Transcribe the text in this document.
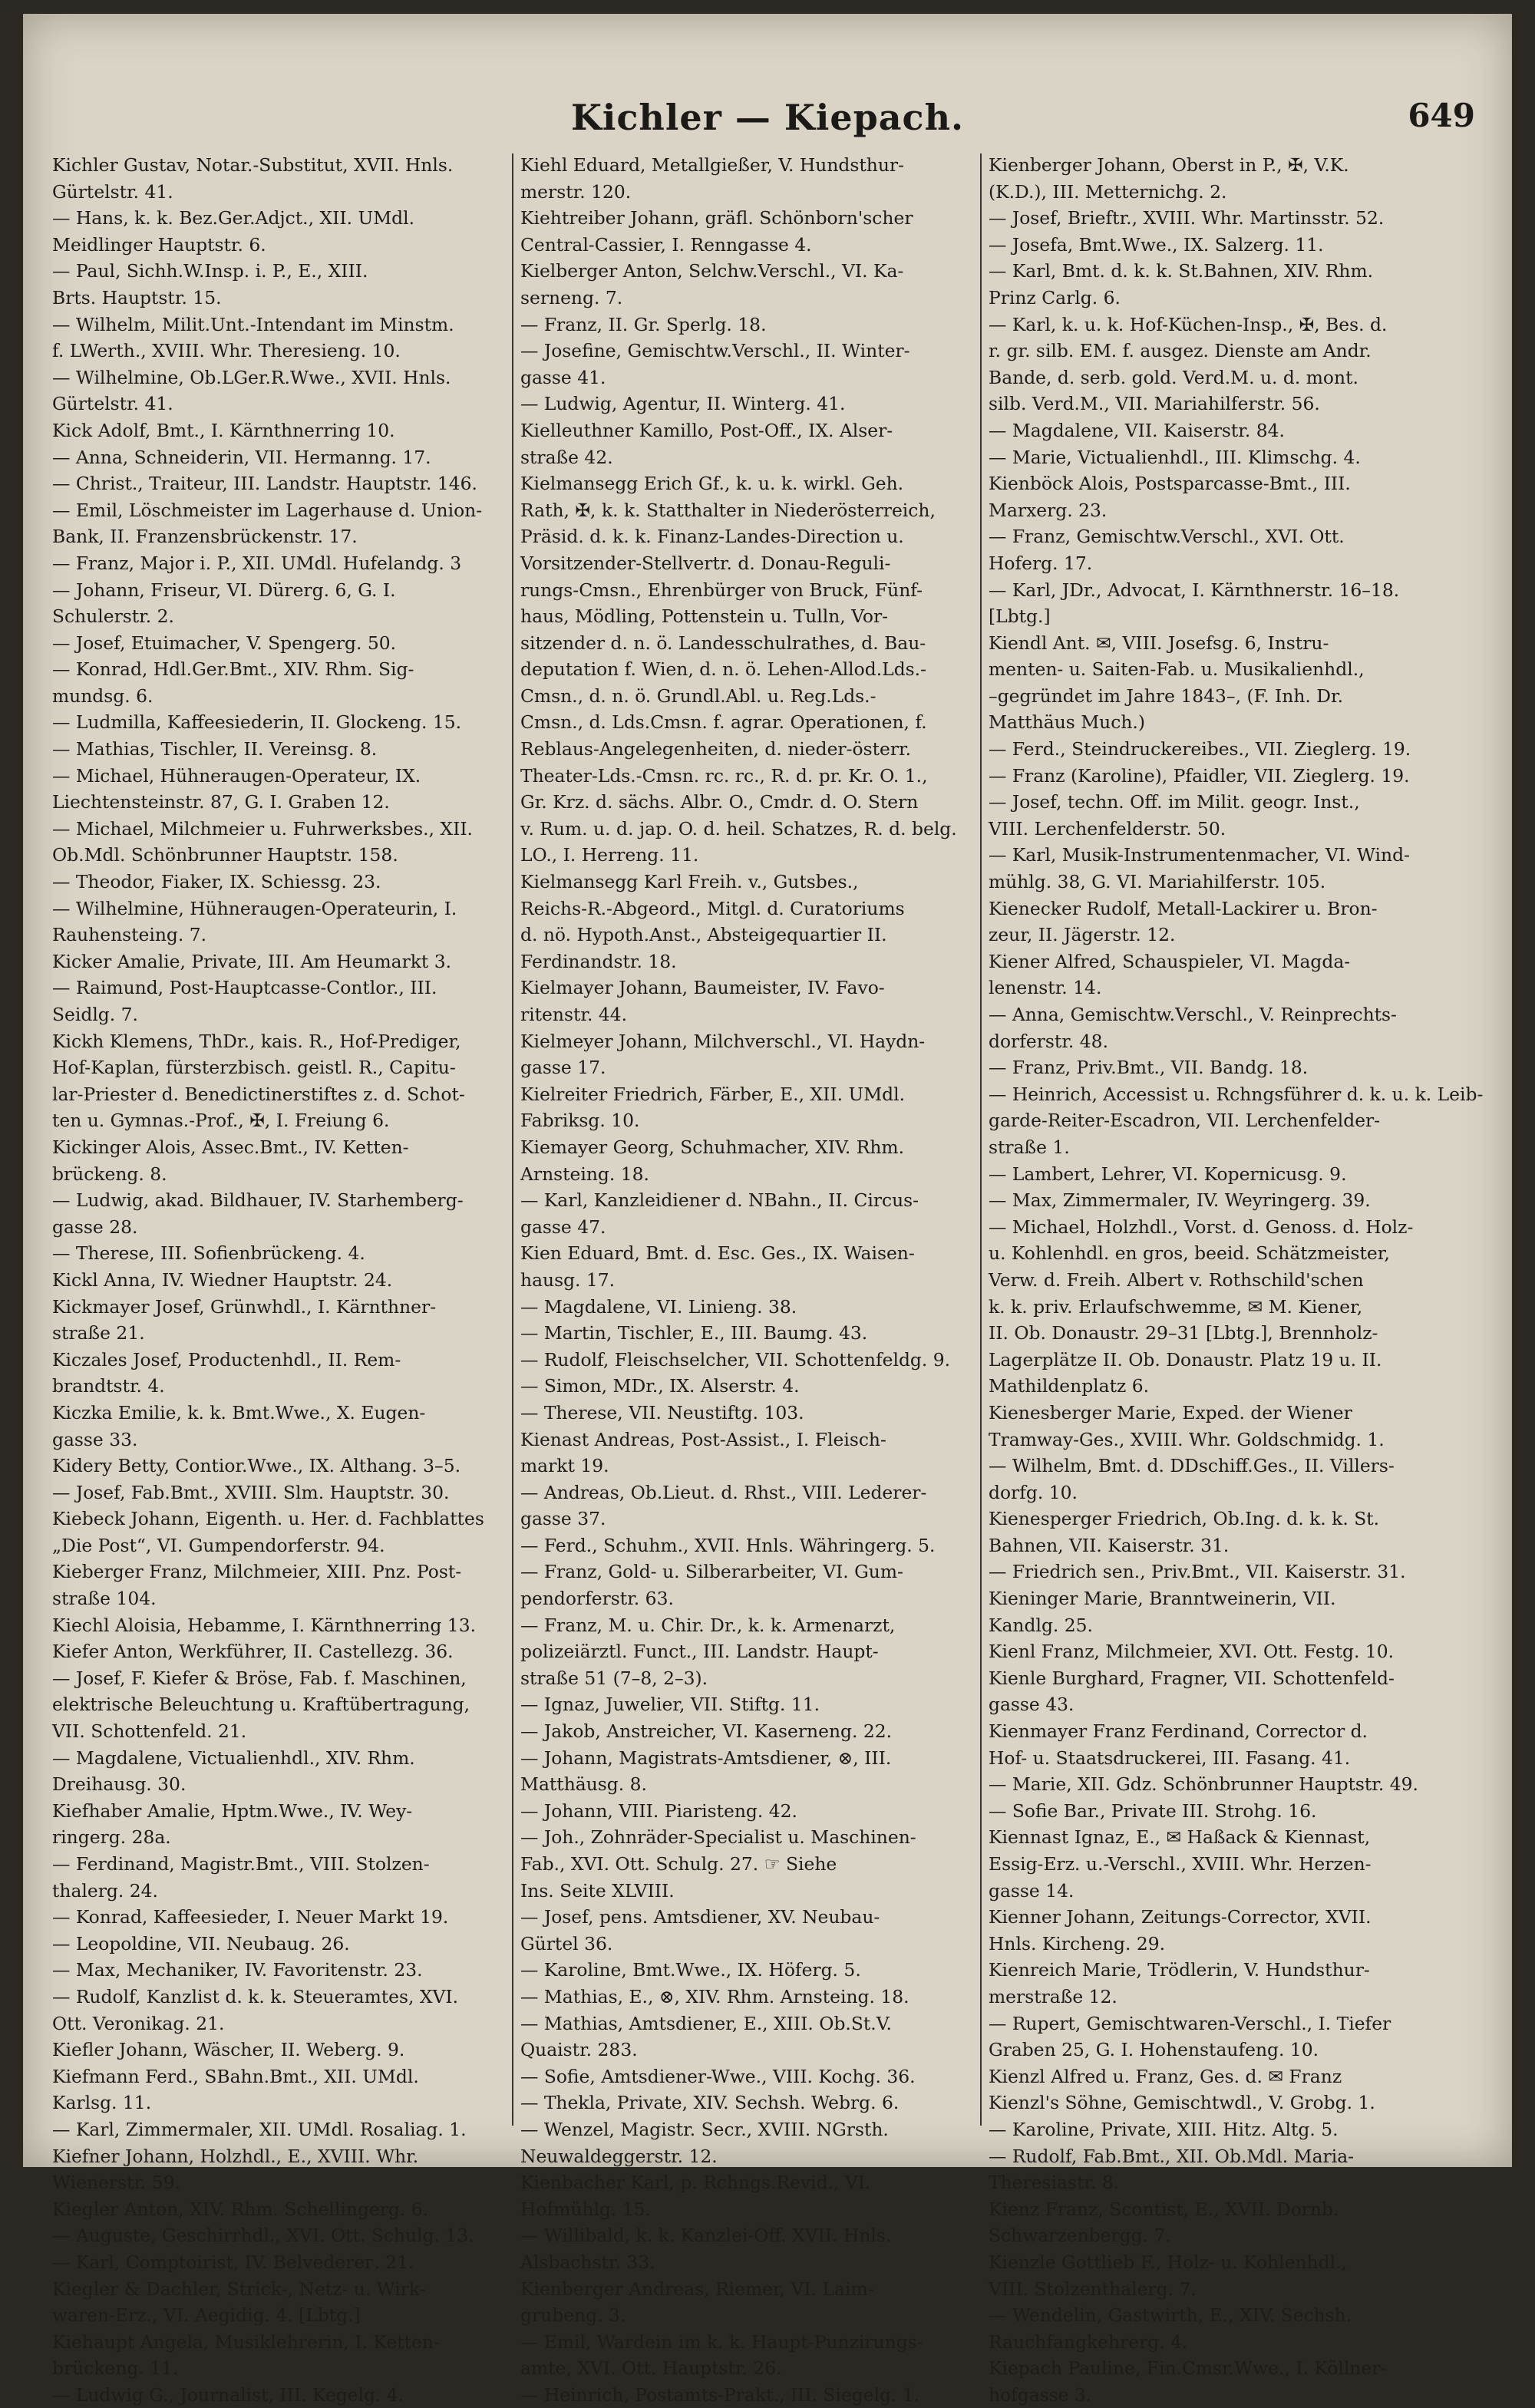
Kichler — Kiepach.	649
Kichler Gustav, Notar.-Substitut, XVII. Hnls.
Gürtelstr. 41.
— Hans, k. k. Bez.Ger.Adjct., XII. UMdl.
Meidlinger Hauptstr. 6.
— Paul, Sichh.W.Insp. i. P., E., XIII.
Brts. Hauptstr. 15.
— Wilhelm, Milit.Unt.-Intendant im Minstm.
f. LWerth., XVIII. Whr. Theresieng. 10.
— Wilhelmine, Ob.LGer.R.Wwe., XVII. Hnls.
Gürtelstr. 41.
Kick Adolf, Bmt., I. Kärnthnerring 10.
— Anna, Schneiderin, VII. Hermanng. 17.
— Christ., Traiteur, III. Landstr. Hauptstr. 146.
— Emil, Löschmeister im Lagerhause d. Union-
Bank, II. Franzensbrückenstr. 17.
— Franz, Major i. P., XII. UMdl. Hufelandg. 3
— Johann, Friseur, VI. Dürerg. 6, G. I.
Schulerstr. 2.
— Josef, Etuimacher, V. Spengerg. 50.
— Konrad, Hdl.Ger.Bmt., XIV. Rhm. Sig-
mundsg. 6.
— Ludmilla, Kaffeesiederin, II. Glockeng. 15.
— Mathias, Tischler, II. Vereinsg. 8.
— Michael, Hühneraugen-Operateur, IX.
Liechtensteinstr. 87, G. I. Graben 12.
— Michael, Milchmeier u. Fuhrwerksbes., XII.
Ob.Mdl. Schönbrunner Hauptstr. 158.
— Theodor, Fiaker, IX. Schiessg. 23.
— Wilhelmine, Hühneraugen-Operateurin, I.
Rauhensteing. 7.
Kicker Amalie, Private, III. Am Heumarkt 3.
— Raimund, Post-Hauptcasse-Contlor., III.
Seidlg. 7.
Kickh Klemens, ThDr., kais. R., Hof-Prediger,
Hof-Kaplan, fürsterzbisch. geistl. R., Capitu-
lar-Priester d. Benedictinerstiftes z. d. Schot-
ten u. Gymnas.-Prof., ✠, I. Freiung 6.
Kickinger Alois, Assec.Bmt., IV. Ketten-
brückeng. 8.
— Ludwig, akad. Bildhauer, IV. Starhemberg-
gasse 28.
— Therese, III. Sofienbrückeng. 4.
Kickl Anna, IV. Wiedner Hauptstr. 24.
Kickmayer Josef, Grünwhdl., I. Kärnthner-
straße 21.
Kiczales Josef, Productenhdl., II. Rem-
brandtstr. 4.
Kiczka Emilie, k. k. Bmt.Wwe., X. Eugen-
gasse 33.
Kidery Betty, Contior.Wwe., IX. Althang. 3–5.
— Josef, Fab.Bmt., XVIII. Slm. Hauptstr. 30.
Kiebeck Johann, Eigenth. u. Her. d. Fachblattes
„Die Post“, VI. Gumpendorferstr. 94.
Kieberger Franz, Milchmeier, XIII. Pnz. Post-
straße 104.
Kiechl Aloisia, Hebamme, I. Kärnthnerring 13.
Kiefer Anton, Werkführer, II. Castellezg. 36.
— Josef, F. Kiefer & Bröse, Fab. f. Maschinen,
elektrische Beleuchtung u. Kraftübertragung,
VII. Schottenfeld. 21.
— Magdalene, Victualienhdl., XIV. Rhm.
Dreihausg. 30.
Kiefhaber Amalie, Hptm.Wwe., IV. Wey-
ringerg. 28a.
— Ferdinand, Magistr.Bmt., VIII. Stolzen-
thalerg. 24.
— Konrad, Kaffeesieder, I. Neuer Markt 19.
— Leopoldine, VII. Neubaug. 26.
— Max, Mechaniker, IV. Favoritenstr. 23.
— Rudolf, Kanzlist d. k. k. Steueramtes, XVI.
Ott. Veronikag. 21.
Kiefler Johann, Wäscher, II. Weberg. 9.
Kiefmann Ferd., SBahn.Bmt., XII. UMdl.
Karlsg. 11.
— Karl, Zimmermaler, XII. UMdl. Rosaliag. 1.
Kiefner Johann, Holzhdl., E., XVIII. Whr.
Wienerstr. 59.
Kiegler Anton, XIV. Rhm. Schellingerg. 6.
— Auguste, Geschirrhdl., XVI. Ott. Schulg. 13.
— Karl, Comptoirist, IV. Belvederег. 21.
Kiegler & Dachler, Strick-, Netz- u. Wirk-
waren-Erz., VI. Aegidig. 4. [Lbtg.]
Kiehaupt Angela, Musiklehrerin, I. Ketten-
brückeng. 11.
— Ludwig G., Journalist, III. Kegelg. 4.
Kiehl Eduard, Metallgießer, V. Hundsthur-
merstr. 120.
Kiehtreiber Johann, gräfl. Schönborn'scher
Central-Cassier, I. Renngasse 4.
Kielberger Anton, Selchw.Verschl., VI. Ka-
sernеng. 7.
— Franz, II. Gr. Sperlg. 18.
— Josefine, Gemischtw.Verschl., II. Winter-
gasse 41.
— Ludwig, Agentur, II. Winterg. 41.
Kielleuthner Kamillo, Post-Off., IX. Alser-
straße 42.
Kielmansegg Erich Gf., k. u. k. wirkl. Geh.
Rath, ✠, k. k. Statthalter in Niederösterreich,
Präsid. d. k. k. Finanz-Landes-Direction u.
Vorsitzender-Stellvertr. d. Donau-Reguli-
rungs-Cmsn., Ehrenbürger von Bruck, Fünf-
haus, Mödling, Pottenstein u. Tulln, Vor-
sitzender d. n. ö. Landesschulrathes, d. Bau-
deputation f. Wien, d. n. ö. Lehen-Allod.Lds.-
Cmsn., d. n. ö. Grundl.Abl. u. Reg.Lds.-
Cmsn., d. Lds.Cmsn. f. agrar. Operationen, f.
Reblaus-Angelegenheiten, d. nieder-österr.
Theater-Lds.-Cmsn. rc. rc., R. d. pr. Kr. O. 1.,
Gr. Krz. d. sächs. Albr. O., Cmdr. d. O. Stern
v. Rum. u. d. jap. O. d. heil. Schatzes, R. d. belg.
LO., I. Herreng. 11.
Kielmansegg Karl Freih. v., Gutsbes.,
Reichs-R.-Abgeord., Mitgl. d. Curatoriums
d. nö. Hypoth.Anst., Absteigequartier II.
Ferdinandstr. 18.
Kielmayer Johann, Baumeister, IV. Favo-
ritenstr. 44.
Kielmeyer Johann, Milchverschl., VI. Haydn-
gasse 17.
Kielreiter Friedrich, Färber, E., XII. UMdl.
Fabriksg. 10.
Kiemayer Georg, Schuhmacher, XIV. Rhm.
Arnsteing. 18.
— Karl, Kanzleidiener d. NBahn., II. Circus-
gasse 47.
Kien Eduard, Bmt. d. Esc. Ges., IX. Waisen-
hausg. 17.
— Magdalene, VI. Linieng. 38.
— Martin, Tischler, E., III. Baumg. 43.
— Rudolf, Fleischselcher, VII. Schottenfeldg. 9.
— Simon, MDr., IX. Alserstr. 4.
— Therese, VII. Neustiftg. 103.
Kienast Andreas, Post-Assist., I. Fleisch-
markt 19.
— Andreas, Ob.Lieut. d. Rhst., VIII. Lederer-
gasse 37.
— Ferd., Schuhm., XVII. Hnls. Währingerg. 5.
— Franz, Gold- u. Silberarbeiter, VI. Gum-
pendorferstr. 63.
— Franz, M. u. Chir. Dr., k. k. Armenarzt,
polizeiärztl. Funct., III. Landstr. Haupt-
straße 51 (7–8, 2–3).
— Ignaz, Juwelier, VII. Stiftg. 11.
— Jakob, Anstreicher, VI. Kaserneng. 22.
— Johann, Magistrats-Amtsdiener, ⊗, III.
Matthäusg. 8.
— Johann, VIII. Piaristeng. 42.
— Joh., Zohnräder-Specialist u. Maschinen-
Fab., XVI. Ott. Schulg. 27. ☞ Siehe
Ins. Seite XLVIII.
— Josef, pens. Amtsdiener, XV. Neubau-
Gürtel 36.
— Karoline, Bmt.Wwe., IX. Höferg. 5.
— Mathias, E., ⊗, XIV. Rhm. Arnsteing. 18.
— Mathias, Amtsdiener, E., XIII. Ob.St.V.
Quaistr. 283.
— Sofie, Amtsdiener-Wwe., VIII. Kochg. 36.
— Thekla, Private, XIV. Sechsh. Webrg. 6.
— Wenzel, Magistr. Secr., XVIII. NGrsth.
Neuwaldeggerstr. 12.
Kienbacher Karl, p. Rchngs.Revid., VI.
Hofmühlg. 15.
— Willibald, k. k. Kanzlei-Off. XVII. Hnls.
Alsbachstr. 33.
Kienberger Andreas, Riemer, VI. Laim-
grubeng. 3.
— Emil, Wardein im k. k. Haupt-Punzirungs-
amte, XVI. Ott. Hauptstr. 26.
— Heinrich, Postamts-Prakt., III. Siegelg. 1.
Kienberger Johann, Oberst in P., ✠, V.K.
(K.D.), III. Metternichg. 2.
— Josef, Brieftr., XVIII. Whr. Martinsstr. 52.
— Josefa, Bmt.Wwe., IX. Salzerg. 11.
— Karl, Bmt. d. k. k. St.Bahnen, XIV. Rhm.
Prinz Carlg. 6.
— Karl, k. u. k. Hof-Küchen-Insp., ✠, Bes. d.
r. gr. silb. EM. f. ausgez. Dienste am Andr.
Bande, d. serb. gold. Verd.M. u. d. mont.
silb. Verd.M., VII. Mariahilferstr. 56.
— Magdalene, VII. Kaiserstr. 84.
— Marie, Victualienhdl., III. Klimschg. 4.
Kienböck Alois, Postsparcasse-Bmt., III.
Marxerg. 23.
— Franz, Gemischtw.Verschl., XVI. Ott.
Hoferg. 17.
— Karl, JDr., Advocat, I. Kärnthnerstr. 16–18.
[Lbtg.]
Kiendl Ant. ✉, VIII. Josefsg. 6, Instru-
menten- u. Saiten-Fab. u. Musikalienhdl.,
–gegründet im Jahre 1843–, (F. Inh. Dr.
Matthäus Much.)
— Ferd., Steindruckereibes., VII. Zieglerg. 19.
— Franz (Karoline), Pfaidler, VII. Zieglerg. 19.
— Josef, techn. Off. im Milit. geogr. Inst.,
VIII. Lerchenfelderstr. 50.
— Karl, Musik-Instrumentenmacher, VI. Wind-
mühlg. 38, G. VI. Mariahilferstr. 105.
Kienecker Rudolf, Metall-Lackirer u. Bron-
zeur, II. Jägerstr. 12.
Kiener Alfred, Schauspieler, VI. Magda-
lenenstr. 14.
— Anna, Gemischtw.Verschl., V. Reinprechts-
dorferstr. 48.
— Franz, Priv.Bmt., VII. Bandg. 18.
— Heinrich, Accessist u. Rchngsführer d. k. u. k. Leib-
garde-Reiter-Escadron, VII. Lerchenfelder-
straße 1.
— Lambert, Lehrer, VI. Kopernicusg. 9.
— Max, Zimmermaler, IV. Weyringerg. 39.
— Michael, Holzhdl., Vorst. d. Genoss. d. Holz-
u. Kohlenhdl. en gros, beeid. Schätzmeister,
Verw. d. Freih. Albert v. Rothschild'schen
k. k. priv. Erlaufschwemme, ✉ M. Kiener,
II. Ob. Donaustr. 29–31 [Lbtg.], Brennholz-
Lagerplätze II. Ob. Donaustr. Platz 19 u. II.
Mathildenplatz 6.
Kienesberger Marie, Exped. der Wiener
Tramway-Ges., XVIII. Whr. Goldschmidg. 1.
— Wilhelm, Bmt. d. DDschiff.Ges., II. Villers-
dorfg. 10.
Kienesperger Friedrich, Ob.Ing. d. k. k. St.
Bahnen, VII. Kaiserstr. 31.
— Friedrich sen., Priv.Bmt., VII. Kaiserstr. 31.
Kieninger Marie, Branntweinerin, VII.
Kandlg. 25.
Kienl Franz, Milchmeier, XVI. Ott. Festg. 10.
Kienle Burghard, Fragner, VII. Schottenfeld-
gasse 43.
Kienmayer Franz Ferdinand, Corrector d.
Hof- u. Staatsdruckerei, III. Fasang. 41.
— Marie, XII. Gdz. Schönbrunner Hauptstr. 49.
— Sofie Bar., Private III. Strohg. 16.
Kiennast Ignaz, E., ✉ Haßack & Kiennast,
Essig-Erz. u.-Verschl., XVIII. Whr. Herzen-
gasse 14.
Kienner Johann, Zeitungs-Corrector, XVII.
Hnls. Kircheng. 29.
Kienreich Marie, Trödlerin, V. Hundsthur-
merstraße 12.
— Rupert, Gemischtwaren-Verschl., I. Tiefer
Graben 25, G. I. Hohenstaufeng. 10.
Kienzl Alfred u. Franz, Ges. d. ✉ Franz
Kienzl's Söhne, Gemischtwdl., V. Grobg. 1.
— Karoline, Private, XIII. Hitz. Altg. 5.
— Rudolf, Fab.Bmt., XII. Ob.Mdl. Maria-
Theresiastr. 8.
Kienz Franz, Scontist, E., XVII. Dornb.
Schwarzenbergg. 7.
Kienzle Gottlieb F., Holz- u. Kohlenhdl.,
VIII. Stolzenthalerg. 7.
— Wendelin, Gastwirth, E., XIV. Sechsh.
Rauchfangkehrerg. 4.
Kiepach Pauline, Fin.Cmsr.Wwe., I. Köllner-
hofgasse 3.
